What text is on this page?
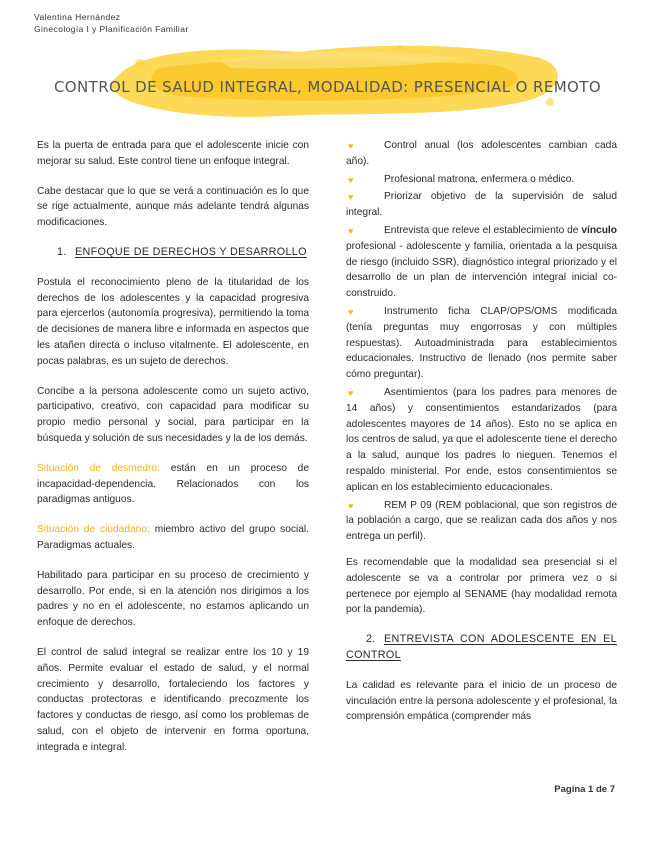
Valentina Hernández
Ginecología I y Planificación Familiar
CONTROL DE SALUD INTEGRAL, MODALIDAD: PRESENCIAL O REMOTO

Es la puerta de entrada para que el adolescente inicie con mejorar su salud. Este control tiene un enfoque integral.

Cabe destacar que lo que se verá a continuación es lo que se rige actualmente, aunque más adelante tendrá algunas modificaciones.

1. ENFOQUE DE DERECHOS Y DESARROLLO

Postula el reconocimiento pleno de la titularidad de los derechos de los adolescentes y la capacidad progresiva para ejercerlos (autonomía progresiva), permitiendo la toma de decisiones de manera libre e informada en aspectos que les atañen directa o incluso vitalmente. El adolescente, en pocas palabras, es un sujeto de derechos.

Concibe a la persona adolescente como un sujeto activo, participativo, creativo, con capacidad para modificar su propio medio personal y social, para participar en la búsqueda y solución de sus necesidades y la de los demás.

Situación de desmedro: están en un proceso de incapacidad-dependencia. Relacionados con los paradigmas antiguos.

Situación de ciudadano: miembro activo del grupo social. Paradigmas actuales.

Habilitado para participar en su proceso de crecimiento y desarrollo. Por ende, si en la atención nos dirigimos a los padres y no en el adolescente, no estamos aplicando un enfoque de derechos.

El control de salud integral se realizar entre los 10 y 19 años. Permite evaluar el estado de salud, y el normal crecimiento y desarrollo, fortaleciendo los factores y conductas protectoras e identificando precozmente los factores y conductas de riesgo, así como los problemas de salud, con el objeto de intervenir en forma oportuna, integrada e integral.

♥	Control anual (los adolescentes cambian cada año).
♥	Profesional matrona, enfermera o médico.
♥	Priorizar objetivo de la supervisión de salud integral.
♥	Entrevista que releve el establecimiento de vínculo profesional - adolescente y familia, orientada a la pesquisa de riesgo (incluido SSR), diagnóstico integral priorizado y el desarrollo de un plan de intervención integral inicial co-construido.
♥	Instrumento ficha CLAP/OPS/OMS modificada (tenía preguntas muy engorrosas y con múltiples respuestas). Autoadministrada para establecimientos educacionales. Instructivo de llenado (nos permite saber cómo preguntar).
♥	Asentimientos (para los padres para menores de 14 años) y consentimientos estandarizados (para adolescentes mayores de 14 años). Esto no se aplica en los centros de salud, ya que el adolescente tiene el derecho a la salud, aunque los padres lo nieguen. Tenemos el respaldo ministerial. Por ende, estos consentimientos se aplican en los establecimiento educacionales.
♥	REM P 09 (REM poblacional, que son registros de la población a cargo, que se realizan cada dos años y nos entrega un perfil).

Es recomendable que la modalidad sea presencial si el adolescente se va a controlar por primera vez o si pertenece por ejemplo al SENAME (hay modalidad remota por la pandemia).

2. ENTREVISTA CON ADOLESCENTE EN EL CONTROL

La calidad es relevante para el inicio de un proceso de vinculación entre la persona adolescente y el profesional, la comprensión empática (comprender más

Pagina 1 de 7
